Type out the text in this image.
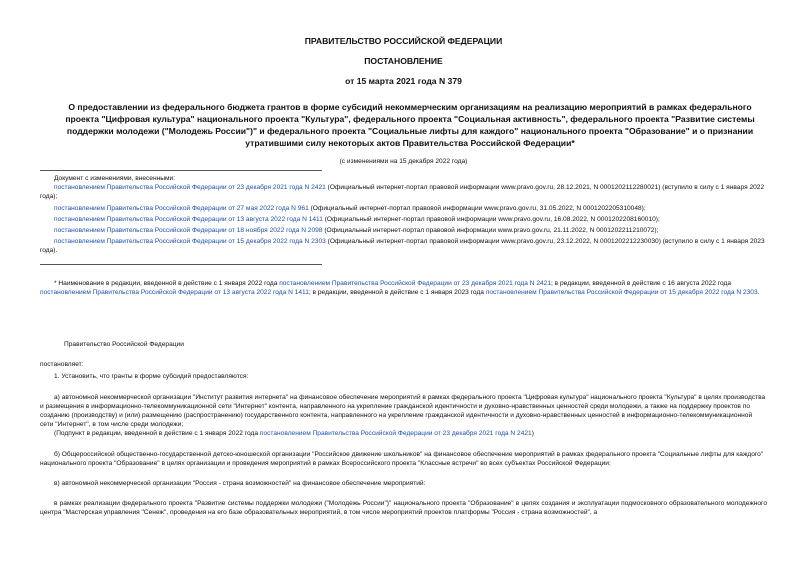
ПРАВИТЕЛЬСТВО РОССИЙСКОЙ ФЕДЕРАЦИИ
ПОСТАНОВЛЕНИЕ
от 15 марта 2021 года N 379
О предоставлении из федерального бюджета грантов в форме субсидий некоммерческим организациям на реализацию мероприятий в рамках федерального проекта "Цифровая культура" национального проекта "Культура", федерального проекта "Социальная активность", федерального проекта "Развитие системы поддержки молодежи ("Молодежь России")" и федерального проекта "Социальные лифты для каждого" национального проекта "Образование" и о признании утратившими силу некоторых актов Правительства Российской Федерации*
(с изменениями на 15 декабря 2022 года)

Документ с изменениями, внесенными:

постановлением Правительства Российской Федерации от 23 декабря 2021 года N 2421 (Официальный интернет-портал правовой информации www.pravo.gov.ru, 28.12.2021, N 0001202112280021) (вступило в силу с 1 января 2022 года);

постановлением Правительства Российской Федерации от 27 мая 2022 года N 961 (Официальный интернет-портал правовой информации www.pravo.gov.ru, 31.05.2022, N 0001202205310048);

постановлением Правительства Российской Федерации от 13 августа 2022 года N 1411 (Официальный интернет-портал правовой информации www.pravo.gov.ru, 16.08.2022, N 0001202208160010);

постановлением Правительства Российской Федерации от 18 ноября 2022 года N 2098 (Официальный интернет-портал правовой информации www.pravo.gov.ru, 21.11.2022, N 0001202211210072);

постановлением Правительства Российской Федерации от 15 декабря 2022 года N 2303 (Официальный интернет-портал правовой информации www.pravo.gov.ru, 23.12.2022, N 0001202212230030) (вступило в силу с 1 января 2023 года).

* Наименование в редакции, введенной в действие с 1 января 2022 года постановлением Правительства Российской Федерации от 23 декабря 2021 года N 2421; в редакции, введенной в действие с 16 августа 2022 года постановлением Правительства Российской Федерации от 13 августа 2022 года N 1411; в редакции, введенной в действие с 1 января 2023 года постановлением Правительства Российской Федерации от 15 декабря 2022 года N 2303.

Правительство Российской Федерации

постановляет:

1. Установить, что гранты в форме субсидий предоставляются:

а) автономной некоммерческой организации "Институт развития интернета" на финансовое обеспечение мероприятий в рамках федерального проекта "Цифровая культура" национального проекта "Культура" в целях производства и размещения в информационно-телекоммуникационной сети "Интернет" контента, направленного на укрепление гражданской идентичности и духовно-нравственных ценностей среди молодежи, а также на поддержку проектов по созданию (производству) и (или) размещению (распространению) государственного контента, направленного на укрепление гражданской идентичности и духовно-нравственных ценностей в информационно-телекоммуникационной сети "Интернет", в том числе среди молодежи;

(Подпункт в редакции, введенной в действие с 1 января 2022 года постановлением Правительства Российской Федерации от 23 декабря 2021 года N 2421)

б) Общероссийской общественно-государственной детско-юношеской организации "Российское движение школьников" на финансовое обеспечение мероприятий в рамках федерального проекта "Социальные лифты для каждого" национального проекта "Образование" в целях организации и проведения мероприятий в рамках Всероссийского проекта "Классные встречи" во всех субъектах Российской Федерации;

в) автономной некоммерческой организации "Россия - страна возможностей" на финансовое обеспечение мероприятий:

в рамках реализации федерального проекта "Развитие системы поддержки молодежи ("Молодежь России")" национального проекта "Образование" в целях создания и эксплуатации подмосковного образовательного молодежного центра "Мастерская управления "Сенеж", проведения на его базе образовательных мероприятий, в том числе мероприятий проектов платформы "Россия - страна возможностей", а
